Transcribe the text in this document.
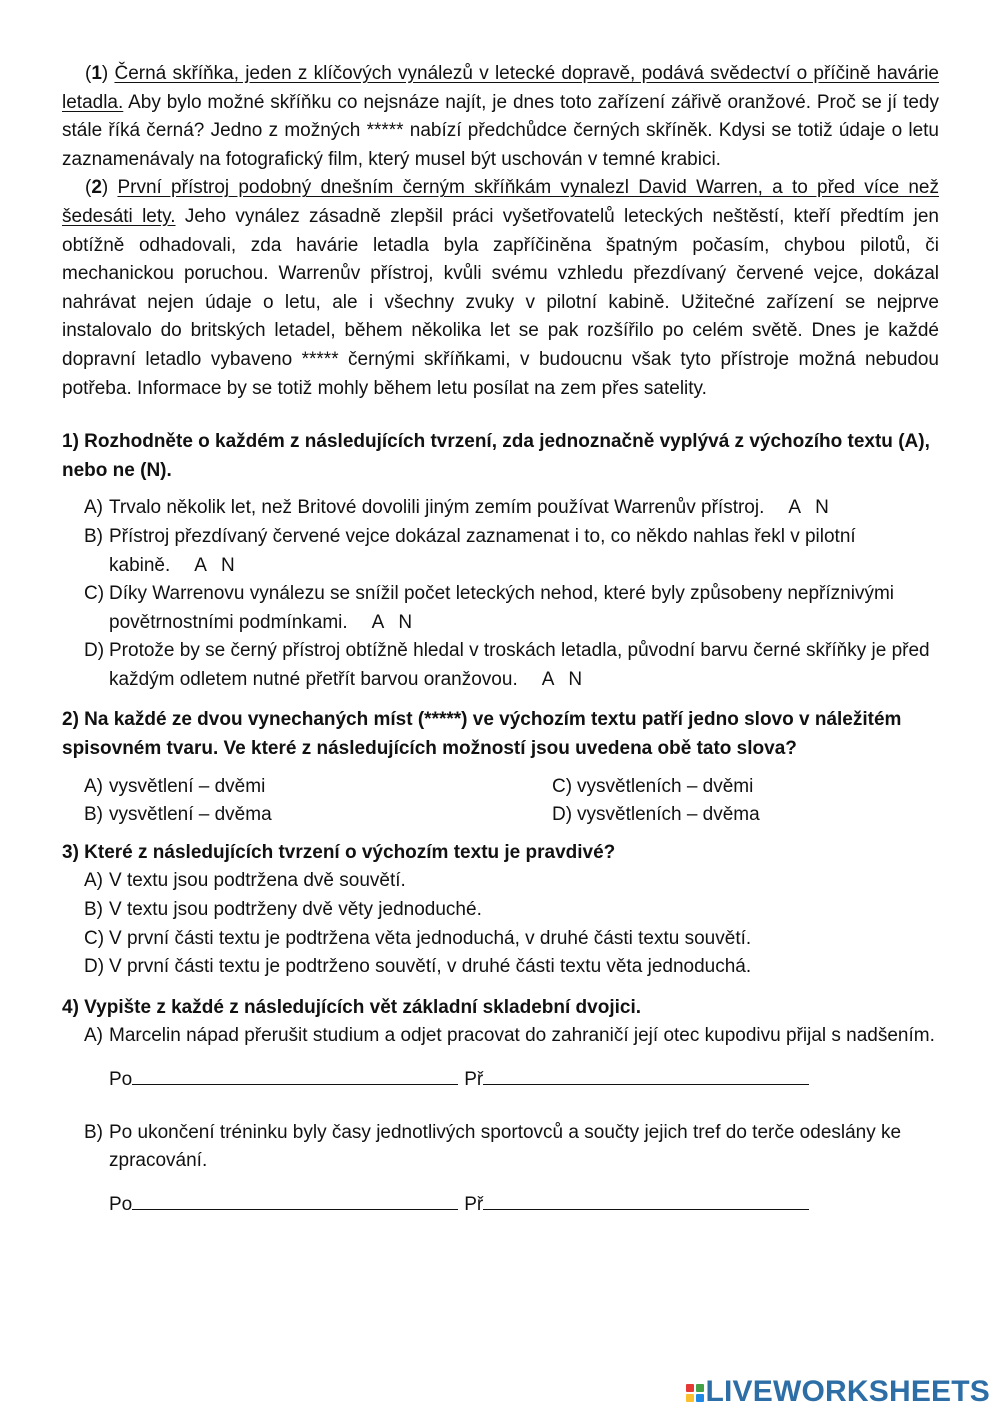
(1) Černá skříňka, jeden z klíčových vynálezů v letecké dopravě, podává svědectví o příčině havárie letadla. Aby bylo možné skříňku co nejsnáze najít, je dnes toto zařízení zářivě oranžové. Proč se jí tedy stále říká černá? Jedno z možných ***** nabízí předchůdce černých skříněk. Kdysi se totiž údaje o letu zaznamenávaly na fotografický film, který musel být uschován v temné krabici.

(2) První přístroj podobný dnešním černým skříňkám vynalezl David Warren, a to před více než šedesáti lety. Jeho vynález zásadně zlepšil práci vyšetřovatelů leteckých neštěstí, kteří předtím jen obtížně odhadovali, zda havárie letadla byla zapříčiněna špatným počasím, chybou pilotů, či mechanickou poruchou. Warrenův přístroj, kvůli svému vzhledu přezdívaný červené vejce, dokázal nahrávat nejen údaje o letu, ale i všechny zvuky v pilotní kabině. Užitečné zařízení se nejprve instalovalo do britských letadel, během několika let se pak rozšířilo po celém světě. Dnes je každé dopravní letadlo vybaveno ***** černými skříňkami, v budoucnu však tyto přístroje možná nebudou potřeba. Informace by se totiž mohly během letu posílat na zem přes satelity.

1) Rozhodněte o každém z následujících tvrzení, zda jednoznačně vyplývá z výchozího textu (A), nebo ne (N).

A) Trvalo několik let, než Britové dovolili jiným zemím používat Warrenův přístroj. A N
B) Přístroj přezdívaný červené vejce dokázal zaznamenat i to, co někdo nahlas řekl v pilotní kabině. A N
C) Díky Warrenovu vynálezu se snížil počet leteckých nehod, které byly způsobeny nepříznivými povětrnostními podmínkami. A N
D) Protože by se černý přístroj obtížně hledal v troskách letadla, původní barvu černé skříňky je před každým odletem nutné přetřít barvou oranžovou. A N

2) Na každé ze dvou vynechaných míst (*****) ve výchozím textu patří jedno slovo v náležitém spisovném tvaru. Ve které z následujících možností jsou uvedena obě tato slova?

A) vysvětlení – dvěmi	C) vysvětleních – dvěmi
B) vysvětlení – dvěma	D) vysvětleních – dvěma

3) Které z následujících tvrzení o výchozím textu je pravdivé?

A) V textu jsou podtržena dvě souvětí.
B) V textu jsou podtrženy dvě věty jednoduché.
C) V první části textu je podtržena věta jednoduchá, v druhé části textu souvětí.
D) V první části textu je podtrženo souvětí, v druhé části textu věta jednoduchá.

4) Vypište z každé z následujících vět základní skladební dvojici.

A) Marcelin nápad přerušit studium a odjet pracovat do zahraničí její otec kupodivu přijal s nadšením.

Po	Př

B) Po ukončení tréninku byly časy jednotlivých sportovců a součty jejich tref do terče odeslány ke zpracování.

Po	Př

LIVEWORKSHEETS
